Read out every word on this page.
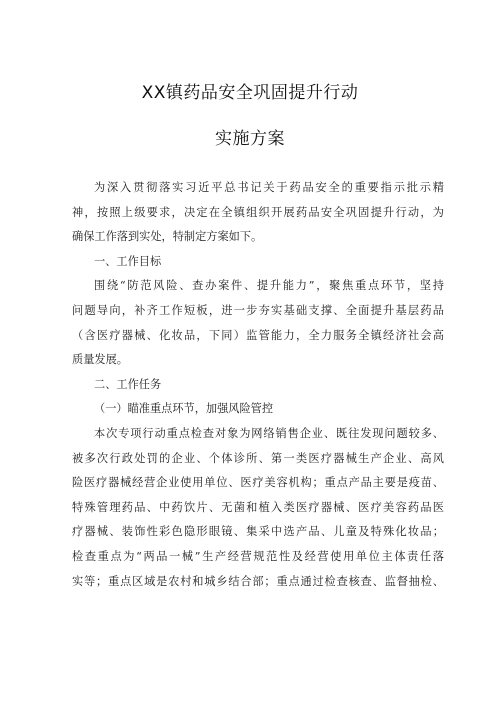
XX镇药品安全巩固提升行动
实施方案
为深入贯彻落实习近平总书记关于药品安全的重要指示批示精
神，按照上级要求，决定在全镇组织开展药品安全巩固提升行动，为
确保工作落到实处，特制定方案如下。
一、工作目标
围绕“防范风险、查办案件、提升能力”，聚焦重点环节，坚持
问题导向，补齐工作短板，进一步夯实基础支撑、全面提升基层药品
（含医疗器械、化妆品，下同）监管能力，全力服务全镇经济社会高
质量发展。
二、工作任务
（一）瞄准重点环节，加强风险管控
本次专项行动重点检查对象为网络销售企业、既往发现问题较多、
被多次行政处罚的企业、个体诊所、第一类医疗器械生产企业、高风
险医疗器械经营企业使用单位、医疗美容机构；重点产品主要是疫苗、
特殊管理药品、中药饮片、无菌和植入类医疗器械、医疗美容药品医
疗器械、装饰性彩色隐形眼镜、集采中选产品、儿童及特殊化妆品；
检查重点为“两品一械”生产经营规范性及经营使用单位主体责任落
实等；重点区域是农村和城乡结合部；重点通过检查核查、监督抽检、
